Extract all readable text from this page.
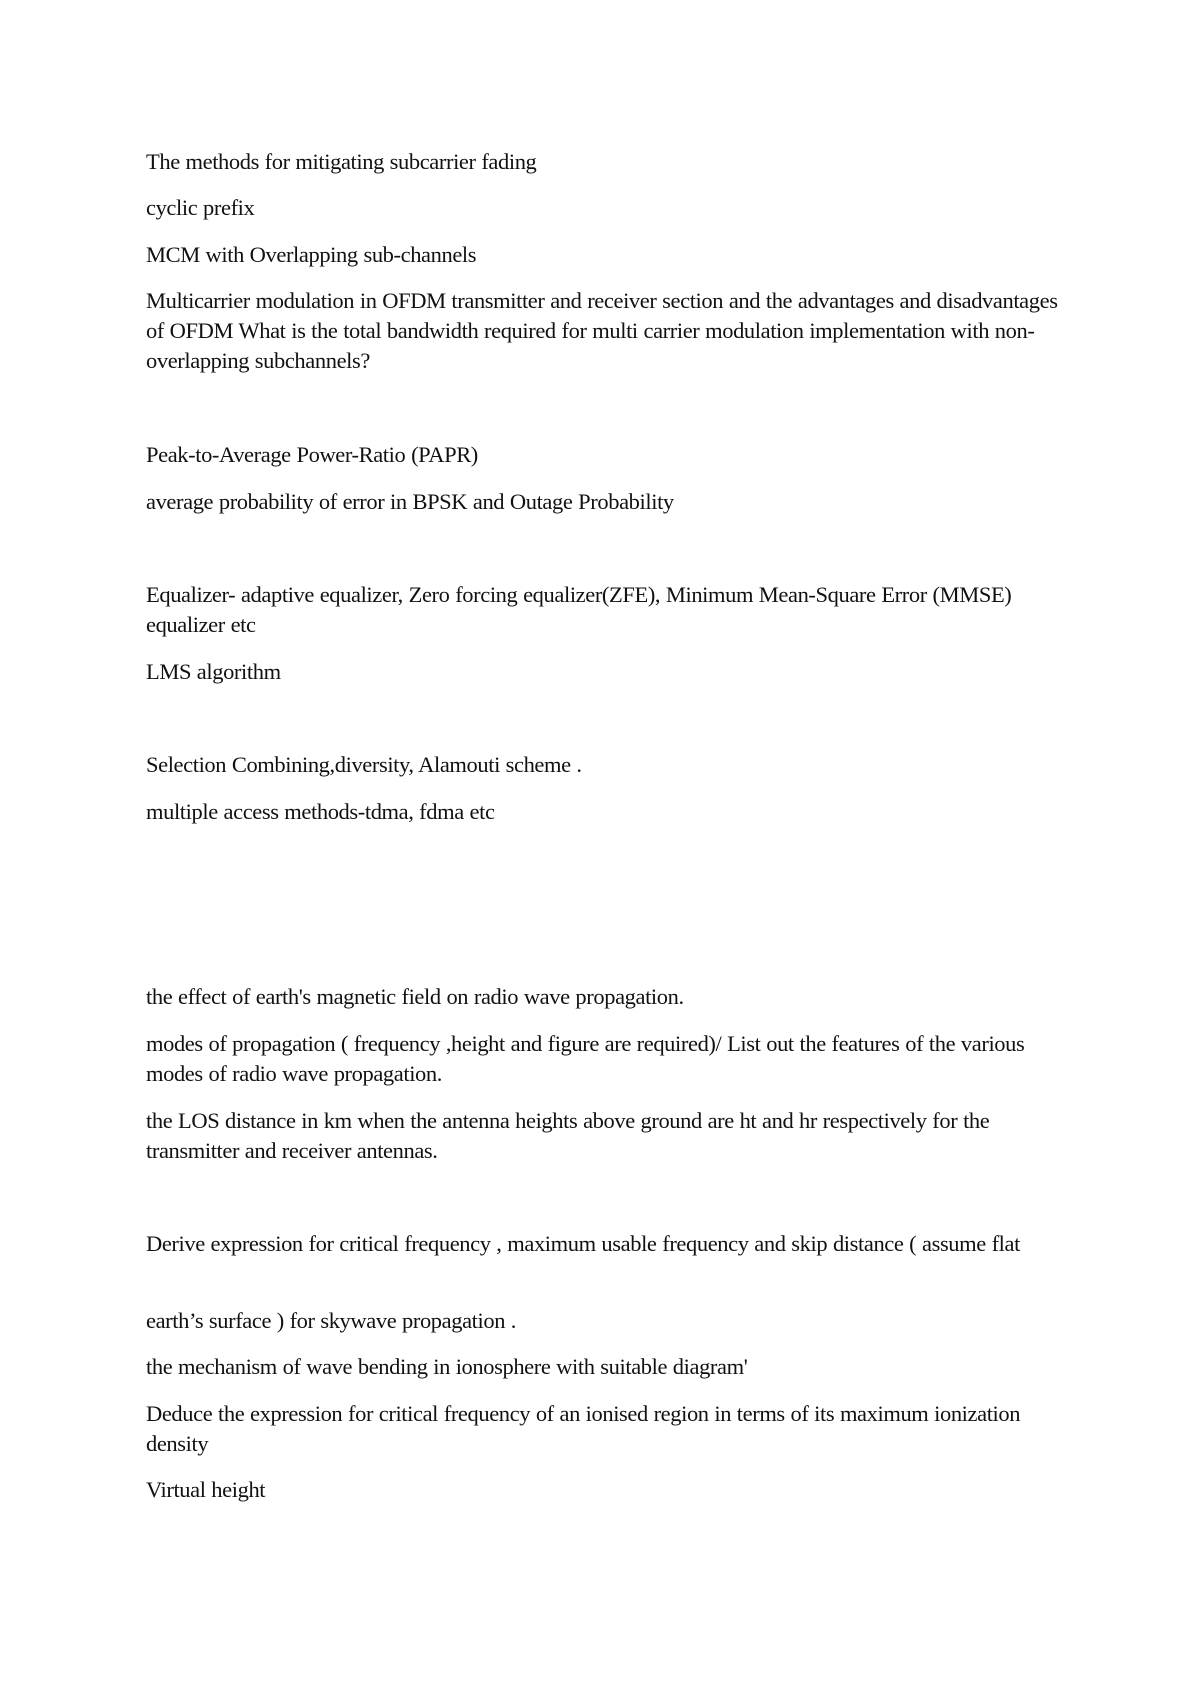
The methods for mitigating subcarrier fading

cyclic prefix

MCM with Overlapping sub-channels

Multicarrier modulation in OFDM transmitter and receiver section and the advantages and disadvantages of OFDM What is the total bandwidth required for multi carrier modulation implementation with non-overlapping subchannels?

Peak-to-Average Power-Ratio (PAPR)

average probability of error in BPSK and Outage Probability

Equalizer- adaptive equalizer, Zero forcing equalizer(ZFE), Minimum Mean-Square Error (MMSE) equalizer etc

LMS algorithm

Selection Combining,diversity, Alamouti scheme .

multiple access methods-tdma, fdma etc

the effect of earth's magnetic field on radio wave propagation.

modes of propagation ( frequency ,height and figure are required)/ List out the features of the various modes of radio wave propagation.

the LOS distance in km when the antenna heights above ground are ht and hr respectively for the transmitter and receiver antennas.

Derive expression for critical frequency , maximum usable frequency and skip distance ( assume flat

earth’s surface ) for skywave propagation .

the mechanism of wave bending in ionosphere with suitable diagram'

Deduce the expression for critical frequency of an ionised region in terms of its maximum ionization density

Virtual height
